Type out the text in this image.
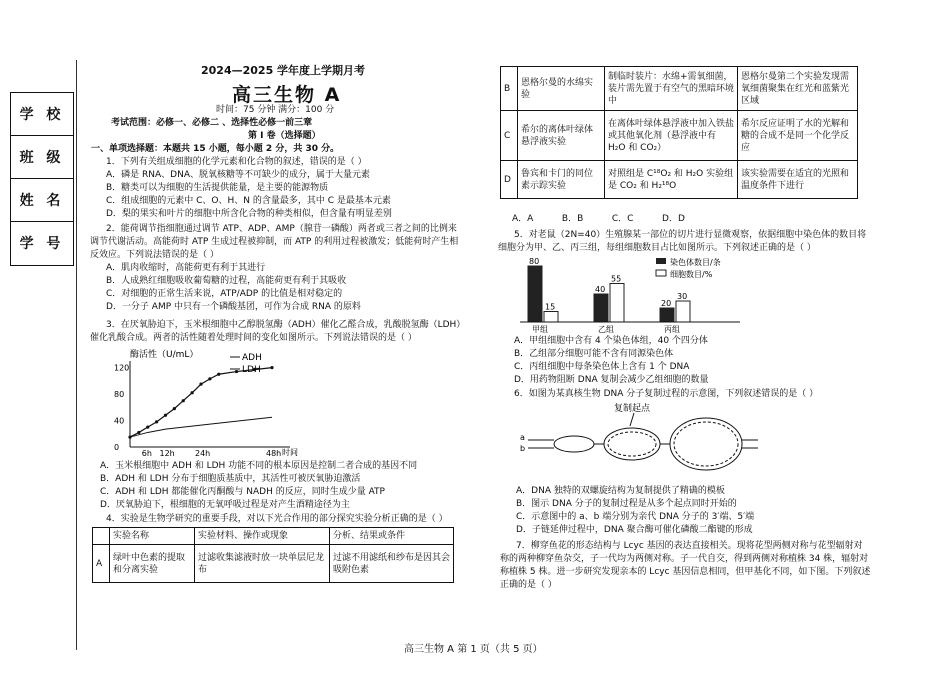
学 校
班 级
姓 名
学 号
2024—2025 学年度上学期月考
高三生物 A
时间：75 分钟 满分：100 分
考试范围：必修一、必修二 、选择性必修一前三章
第 I 卷（选择题）
一、单项选择题：本题共 15 小题，每小题 2 分，共 30 分。
1．下列有关组成细胞的化学元素和化合物的叙述，错误的是（ ）
A．磷是 RNA、DNA、脱氧核糖等不可缺少的成分，属于大量元素
B．糖类可以为细胞的生活提供能量，是主要的能源物质
C．组成细胞的元素中 C、O、H、N 的含量最多，其中 C 是最基本元素
D．梨的果实和叶片的细胞中所含化合物的种类相似，但含量有明显差别
2．能荷调节指细胞通过调节 ATP、ADP、AMP（腺苷一磷酸）两者或三者之间的比例来
调节代谢活动。高能荷时 ATP 生成过程被抑制，而 ATP 的利用过程被激发；低能荷时产生相
反效应。下列说法错误的是（ ）
A．肌肉收缩时，高能荷更有利于其进行
B．人成熟红细胞吸收葡萄糖的过程，高能荷更有利于其吸收
C．对细胞的正常生活来说，ATP/ADP 的比值是相对稳定的
D．一分子 AMP 中只有一个磷酸基团，可作为合成 RNA 的原料
3．在厌氧胁迫下，玉米根细胞中乙醇脱氢酶（ADH）催化乙醛合成，乳酸脱氢酶（LDH）
催化乳酸合成。两者的活性随着处理时间的变化如图所示。下列说法错误的是（ ）
酶活性（U/mL）
时间
6h 12h	24h	48h
0
40
80
120
ADH
LDH
A．玉米根细胞中 ADH 和 LDH 功能不同的根本原因是控制二者合成的基因不同
B．ADH 和 LDH 分布于细胞质基质中，其活性可被厌氧胁迫激活
C．ADH 和 LDH 都能催化丙酮酸与 NADH 的反应，同时生成少量 ATP
D．厌氧胁迫下，根细胞的无氧呼吸过程是对产生酒精途径为主
4．实验是生物学研究的重要手段，对以下光合作用的部分探究实验分析正确的是（ ）
	实验名称	实验材料、操作或现象	分析、结果或条件
A	绿叶中色素的提取和分离实验	过滤收集滤液时放一块单层尼龙布	过滤不用滤纸和纱布是因其会吸附色素
B	恩格尔曼的水绵实验	制临时装片：水绵+需氧细菌，装片需先置于有空气的黑暗环境中	恩格尔曼第二个实验发现需氧细菌聚集在红光和蓝紫光区域
C	希尔的离体叶绿体悬浮液实验	在离体叶绿体悬浮液中加入铁盐或其他氧化剂（悬浮液中有 H₂O 和 CO₂）	希尔反应证明了水的光解和糖的合成不是同一个化学反应
D	鲁宾和卡门的同位素示踪实验	对照组是 C¹⁸O₂ 和 H₂O 实验组是 CO₂ 和 H₂¹⁸O	该实验需要在适宜的光照和温度条件下进行
A．A          B．B          C．C          D．D
5．对老鼠（2N=40）生殖腺某一部位的切片进行显微观察，依据细胞中染色体的数目将
细胞分为甲、乙、丙三组，每组细胞数目占比如图所示。下列叙述正确的是（ ）
80
15
甲组
40
55
乙组
20
30
丙组
染色体数目/条
细胞数目/%
A．甲组细胞中含有 4 个染色体组，40 个四分体
B．乙组部分细胞可能不含有同源染色体
C．丙组细胞中每条染色体上含有 1 个 DNA
D．用药物阻断 DNA 复制会减少乙组细胞的数量
6．如图为某真核生物 DNA 分子复制过程的示意图，下列叙述错误的是（ ）
复制起点
a
b
A．DNA 独特的双螺旋结构为复制提供了精确的模板
B．图示 DNA 分子的复制过程是从多个起点同时开始的
C．示意图中的 a、b 端分别为亲代 DNA 分子的 3′端、5′端
D．子链延伸过程中，DNA 聚合酶可催化磷酸二酯键的形成
7．柳穿鱼花的形态结构与 Lcyc 基因的表达直接相关。现将花型两侧对称与花型辐射对
称的两种柳穿鱼杂交，子一代均为两侧对称。子一代自交，得到两侧对称植株 34 株，辐射对
称植株 5 株。进一步研究发现亲本的 Lcyc 基因信息相同，但甲基化不同，如下图。下列叙述
正确的是（ ）
高三生物 A 第 1 页（共 5 页）
